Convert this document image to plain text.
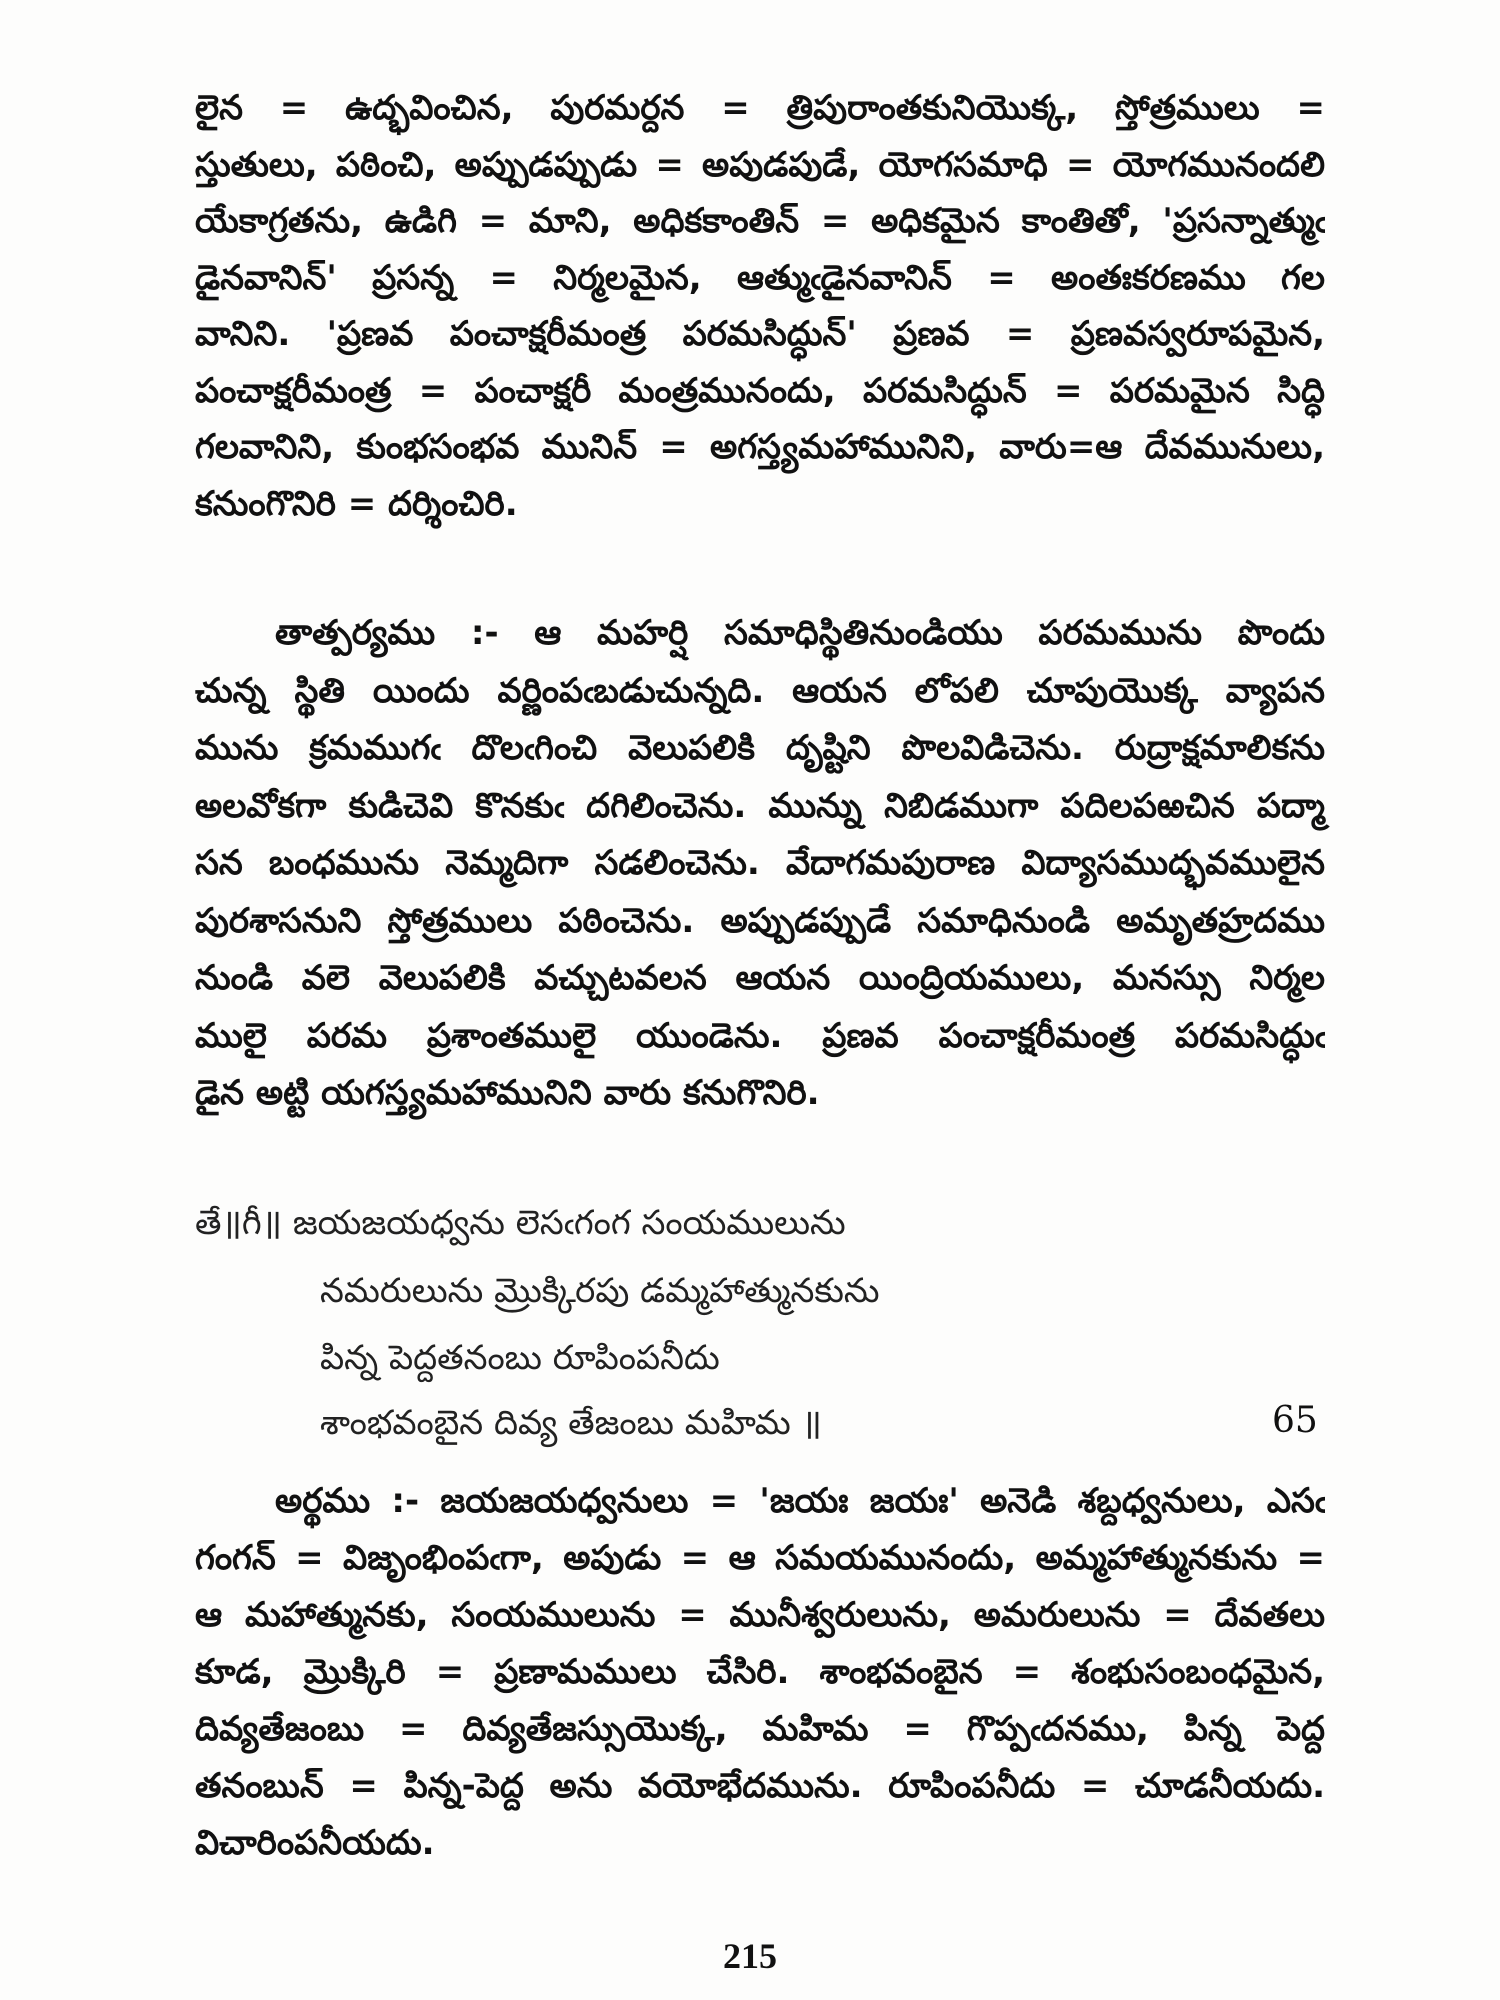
లైన = ఉద్భవించిన, పురమర్దన = త్రిపురాంతకునియొక్క, స్తోత్రములు =
స్తుతులు, పఠించి, అప్పుడప్పుడు = అపుడపుడే, యోగసమాధి = యోగమునందలి
యేకాగ్రతను, ఉడిగి = మాని, అధికకాంతిన్ = అధికమైన కాంతితో, 'ప్రసన్నాత్ముఁ
డైనవానిన్' ప్రసన్న = నిర్మలమైన, ఆత్ముఁడైనవానిన్ = అంతఃకరణము గల
వానిని. 'ప్రణవ పంచాక్షరీమంత్ర పరమసిద్ధున్' ప్రణవ = ప్రణవస్వరూపమైన,
పంచాక్షరీమంత్ర = పంచాక్షరీ మంత్రమునందు, పరమసిద్ధున్ = పరమమైన సిద్ధి
గలవానిని, కుంభసంభవ మునిన్ = అగస్త్యమహామునిని, వారు=ఆ దేవమునులు,
కనుంగొనిరి = దర్శించిరి.
తాత్పర్యము :- ఆ మహర్షి సమాధిస్థితినుండియు పరమమును పొందు
చున్న స్థితి యిందు వర్ణింపఁబడుచున్నది. ఆయన లోపలి చూపుయొక్క వ్యాపన
మును క్రమముగఁ దొలఁగించి వెలుపలికి దృష్టిని పొలవిడిచెను. రుద్రాక్షమాలికను
అలవోకగా కుడిచెవి కొనకుఁ దగిలించెను. మున్ను నిబిడముగా పదిలపఱచిన పద్మా
సన బంధమును నెమ్మదిగా సడలించెను. వేదాగమపురాణ విద్యాసముద్భవములైన
పురశాసనుని స్తోత్రములు పఠించెను. అప్పుడప్పుడే సమాధినుండి అమృతహ్రదము
నుండి వలె వెలుపలికి వచ్చుటవలన ఆయన యింద్రియములు, మనస్సు నిర్మల
ములై పరమ ప్రశాంతములై యుండెను. ప్రణవ పంచాక్షరీమంత్ర పరమసిద్ధుఁ
డైన అట్టి యగస్త్యమహామునిని వారు కనుగొనిరి.
తే॥గీ॥ జయజయధ్వను లెసఁగంగ సంయములును
నమరులును మ్రొక్కిరపు డమ్మహాత్మునకును
పిన్న పెద్దతనంబు రూపింపనీదు
శాంభవంబైన దివ్య తేజంబు మహిమ ॥	65
అర్థము :- జయజయధ్వనులు = 'జయః జయః' అనెడి శబ్దధ్వనులు, ఎసఁ
గంగన్ = విజృంభింపఁగా, అపుడు = ఆ సమయమునందు, అమ్మహాత్మునకును =
ఆ మహాత్మునకు, సంయములును = మునీశ్వరులును, అమరులును = దేవతలు
కూడ, మ్రొక్కిరి = ప్రణామములు చేసిరి. శాంభవంబైన = శంభుసంబంధమైన,
దివ్యతేజంబు = దివ్యతేజస్సుయొక్క, మహిమ = గొప్పఁదనము, పిన్న పెద్ద
తనంబున్ = పిన్న-పెద్ద అను వయోభేదమును. రూపింపనీదు = చూడనీయదు.
విచారింపనీయదు.
215
